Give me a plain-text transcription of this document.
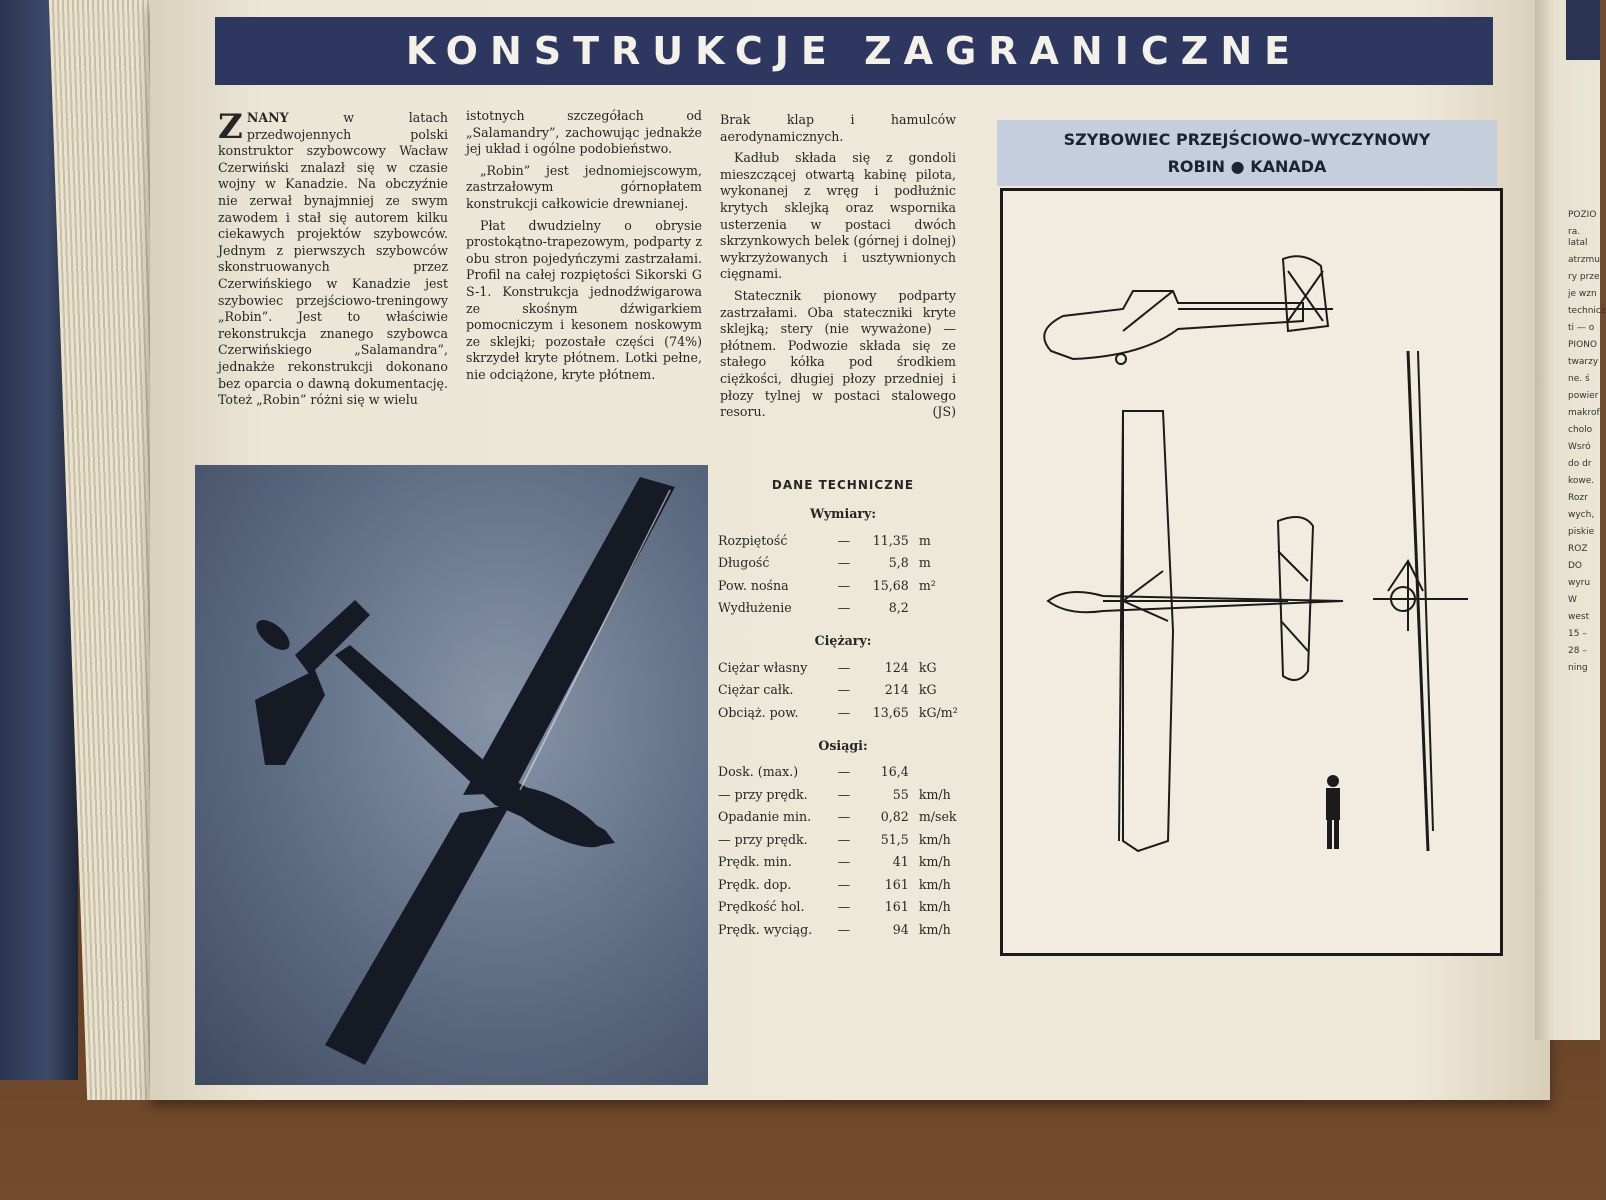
POZIO
ra. latal
atrzmu
ry prze
je wzn
technicz
ti — o
PIONO
twarzy
ne. ś
powier
makrof
cholo
Wsró
do dr
kowe.
Rozr
wych,
piskie
ROZ
DO
wyru
W
west
15 –
28 –
ning
KONSTRUKCJE ZAGRANICZNE

ZNANY w latach przedwojennych polski konstruktor szybowcowy Wacław Czerwiński znalazł się w czasie wojny w Kanadzie. Na obczyźnie nie zerwał bynajmniej ze swym zawodem i stał się autorem kilku ciekawych projektów szybowców. Jednym z pierwszych szybowców skonstruowanych przez Czerwińskiego w Kanadzie jest szybowiec przejściowo-treningowy „Robin”. Jest to właściwie rekonstrukcja znanego szybowca Czerwińskiego „Salamandra”, jednakże rekonstrukcji dokonano bez oparcia o dawną dokumentację. Toteż „Robin” różni się w wielu

istotnych szczegółach od „Salamandry”, zachowując jednakże jej układ i ogólne podobieństwo.

„Robin” jest jednomiejscowym, zastrzałowym górnopłatem konstrukcji całkowicie drewnianej.

Płat dwudzielny o obrysie prostokątno-trapezowym, podparty z obu stron pojedyńczymi zastrzałami. Profil na całej rozpiętości Sikorski G S-1. Konstrukcja jednodźwigarowa ze skośnym dźwigarkiem pomocniczym i kesonem noskowym ze sklejki; pozostałe części (74%) skrzydeł kryte płótnem. Lotki pełne, nie odciążone, kryte płótnem.

Brak klap i hamulców aerodynamicznych.

Kadłub składa się z gondoli mieszczącej otwartą kabinę pilota, wykonanej z wręg i podłużnic krytych sklejką oraz wspornika usterzenia w postaci dwóch skrzynkowych belek (górnej i dolnej) wykrzyżowanych i usztywnionych cięgnami.

Statecznik pionowy podparty zastrzałami. Oba stateczniki kryte sklejką; stery (nie wyważone) — płótnem. Podwozie składa się ze stałego kółka pod środkiem ciężkości, długiej płozy przedniej i płozy tylnej w postaci stalowego resoru.	(JS)

DANE TECHNICZNE
Wymiary:
Rozpiętość	—	11,35 m
Długość	—	5,8 m
Pow. nośna	—	15,68 m²
Wydłużenie	—	8,2
Ciężary:
Ciężar własny	—	124 kG
Ciężar całk.	—	214 kG
Obciąż. pow.	—	13,65 kG/m²
Osiągi:
Dosk. (max.)	—	16,4
— przy prędk.	—	55 km/h
Opadanie min.	—	0,82 m/sek
— przy prędk.	—	51,5 km/h
Prędk. min.	—	41 km/h
Prędk. dop.	—	161 km/h
Prędkość hol.	—	161 km/h
Prędk. wyciąg.	—	94 km/h
SZYBOWIEC PRZEJŚCIOWO–WYCZYNOWY
ROBIN ● KANADA
